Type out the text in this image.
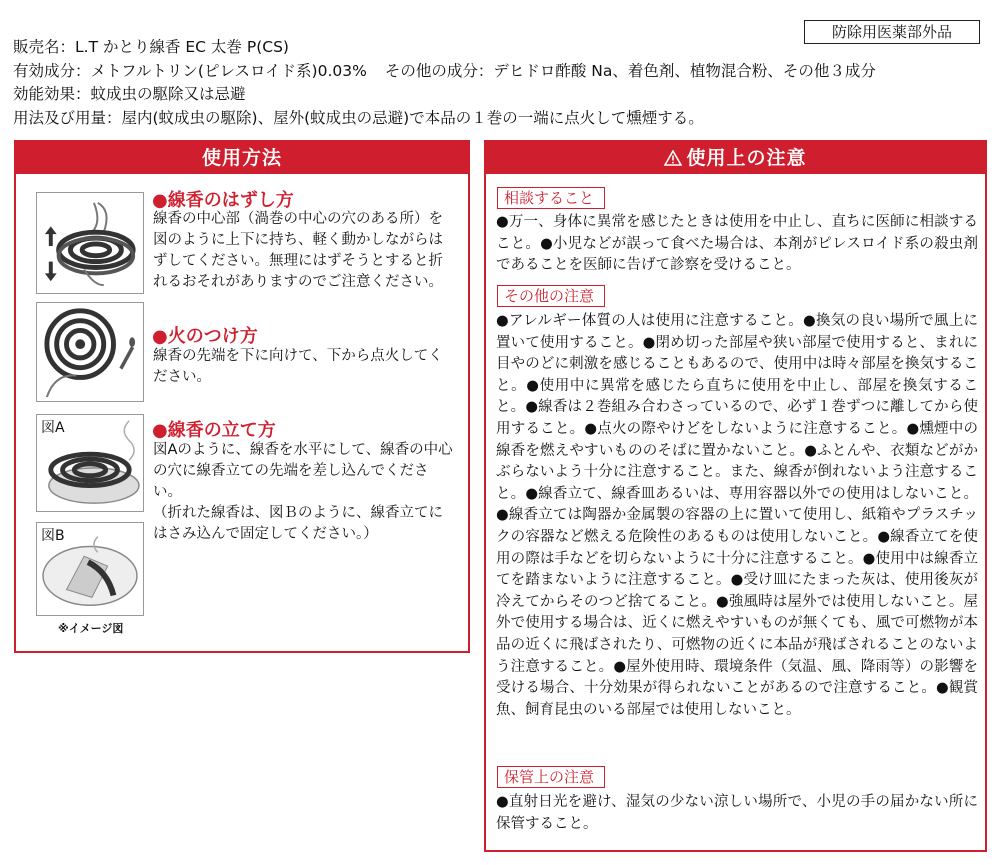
防除用医薬部外品
販売名：L.T かとり線香 EC 太巻 P(CS)
有効成分：メトフルトリン(ピレスロイド系)0.03% その他の成分：デヒドロ酢酸 Na、着色剤、植物混合粉、その他３成分
効能効果：蚊成虫の駆除又は忌避
用法及び用量：屋内(蚊成虫の駆除)、屋外(蚊成虫の忌避)で本品の１巻の一端に点火して燻煙する。
使用方法
●線香のはずし方

線香の中心部（渦巻の中心の穴のある所）を図のように上下に持ち、軽く動かしながらはずしてください。無理にはずそうとすると折れるおそれがありますのでご注意ください。

●火のつけ方

線香の先端を下に向けて、下から点火してください。

図A
図B
※イメージ図
●線香の立て方

図Aのように、線香を水平にして、線香の中心の穴に線香立ての先端を差し込んでください。

（折れた線香は、図Ｂのように、線香立てにはさみ込んで固定してください。）

使用上の注意
相談すること
●万一、身体に異常を感じたときは使用を中止し、直ちに医師に相談すること。●小児などが誤って食べた場合は、本剤がピレスロイド系の殺虫剤であることを医師に告げて診察を受けること。
その他の注意
●アレルギー体質の人は使用に注意すること。●換気の良い場所で風上に置いて使用すること。●閉め切った部屋や狭い部屋で使用すると、まれに目やのどに刺激を感じることもあるので、使用中は時々部屋を換気すること。●使用中に異常を感じたら直ちに使用を中止し、部屋を換気すること。●線香は２巻組み合わさっているので、必ず１巻ずつに離してから使用すること。●点火の際やけどをしないように注意すること。●燻煙中の線香を燃えやすいもののそばに置かないこと。●ふとんや、衣類などがかぶらないよう十分に注意すること。また、線香が倒れないよう注意すること。●線香立て、線香皿あるいは、専用容器以外での使用はしないこと。●線香立ては陶器か金属製の容器の上に置いて使用し、紙箱やプラスチックの容器など燃える危険性のあるものは使用しないこと。●線香立てを使用の際は手などを切らないように十分に注意すること。●使用中は線香立てを踏まないように注意すること。●受け皿にたまった灰は、使用後灰が冷えてからそのつど捨てること。●強風時は屋外では使用しないこと。屋外で使用する場合は、近くに燃えやすいものが無くても、風で可燃物が本品の近くに飛ばされたり、可燃物の近くに本品が飛ばされることのないよう注意すること。●屋外使用時、環境条件（気温、風、降雨等）の影響を受ける場合、十分効果が得られないことがあるので注意すること。●観賞魚、飼育昆虫のいる部屋では使用しないこと。
保管上の注意
●直射日光を避け、湿気の少ない涼しい場所で、小児の手の届かない所に保管すること。
